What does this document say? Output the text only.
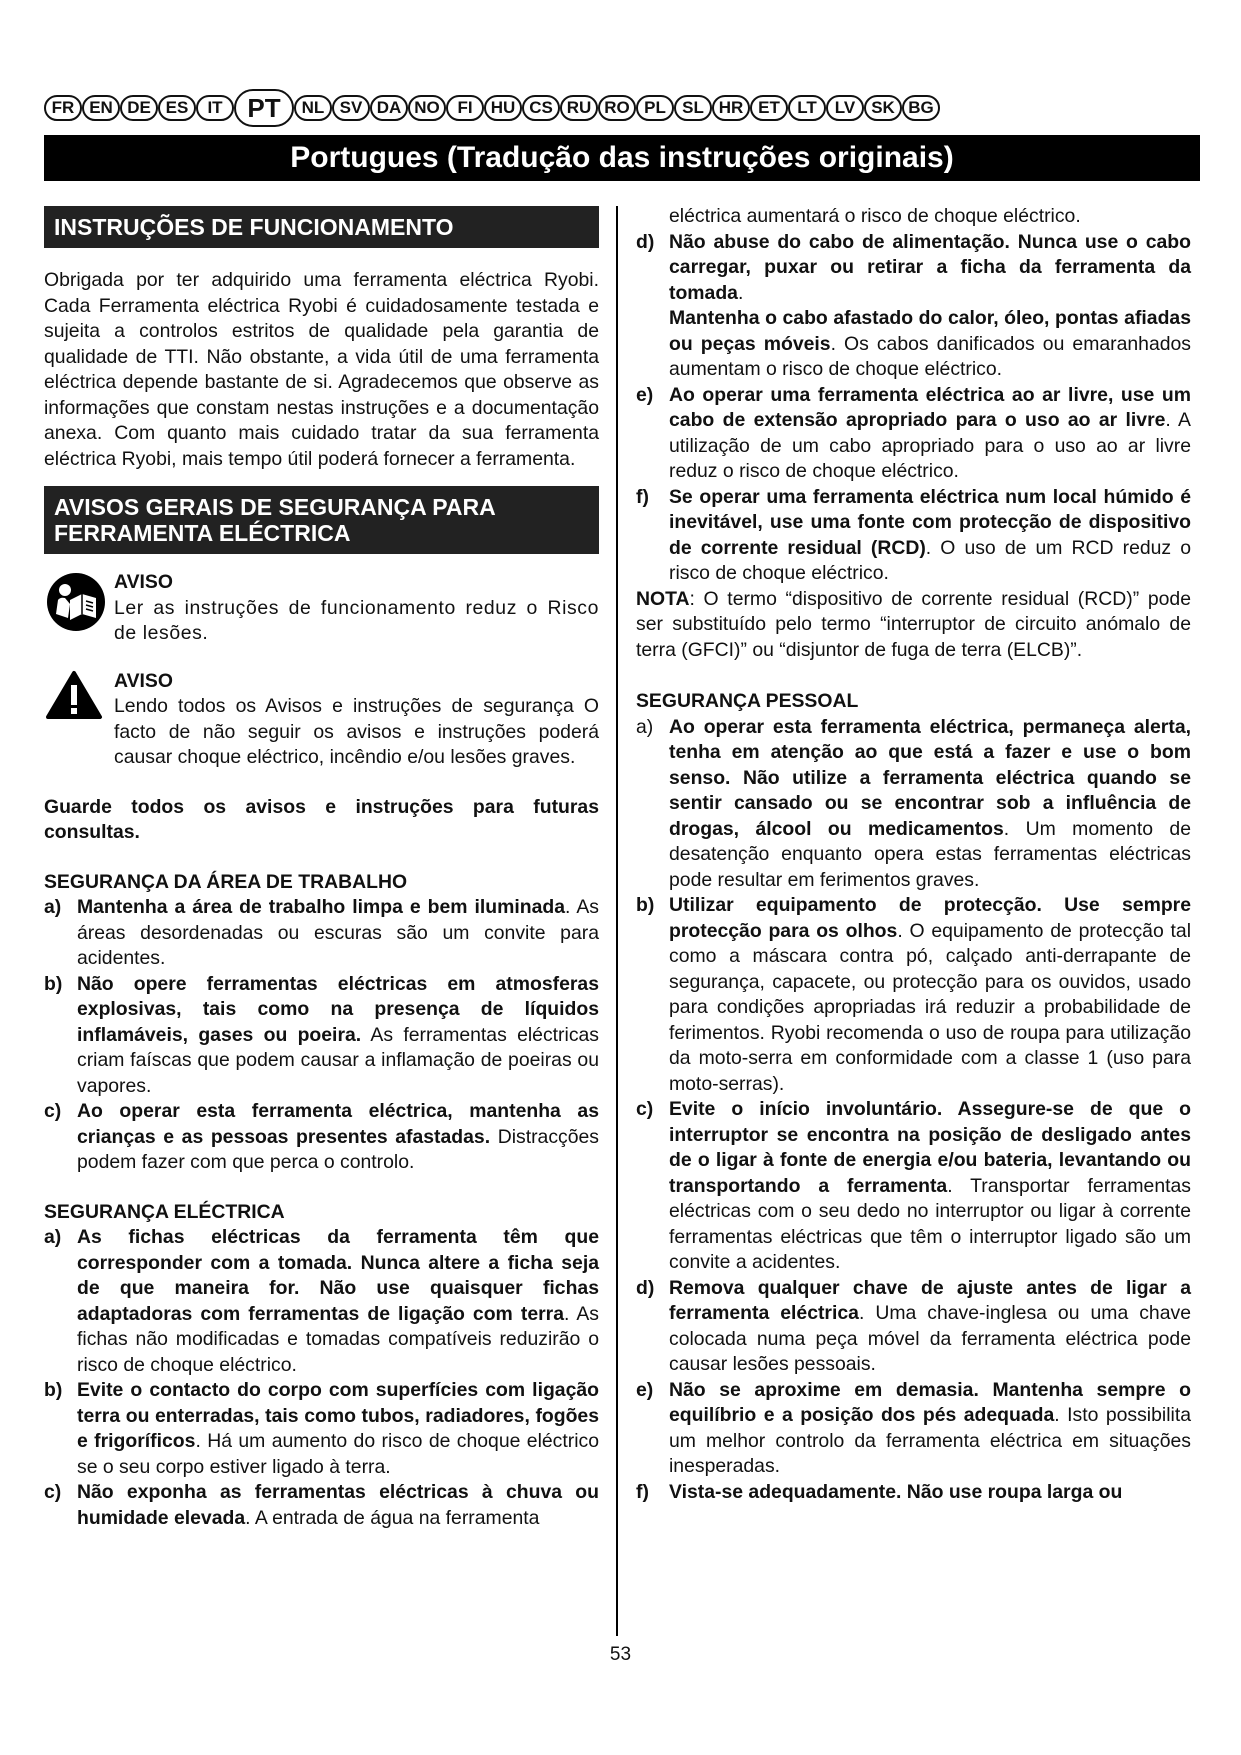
FR EN DE ES	IT PT	NL SV DA NO	FI	HU CS RU RO PL SL HR ET	LT	LV SK BG
Portugues (Tradução das instruções originais)
INSTRUÇÕES DE FUNCIONAMENTO

Obrigada por ter adquirido uma ferramenta eléctrica Ryobi. Cada Ferramenta eléctrica Ryobi é cuidadosamente testada e sujeita a controlos estritos de qualidade pela garantia de qualidade de TTI. Não obstante, a vida útil de uma ferramenta eléctrica depende bastante de si. Agradecemos que observe as informações que constam nestas instruções e a documentação anexa. Com quanto mais cuidado tratar da sua ferramenta eléctrica Ryobi, mais tempo útil poderá fornecer a ferramenta.

AVISOS GERAIS DE SEGURANÇA PARA FERRAMENTA ELÉCTRICA
AVISO

Ler as instruções de funcionamento reduz o Risco de lesões.

AVISO

Lendo todos os Avisos e instruções de segurança O facto de não seguir os avisos e instruções poderá causar choque eléctrico, incêndio e/ou lesões graves.

Guarde todos os avisos e instruções para futuras consultas.

SEGURANÇA DA ÁREA DE TRABALHO
a) Mantenha a área de trabalho limpa e bem iluminada. As áreas desordenadas ou escuras são um convite para acidentes.
b) Não opere ferramentas eléctricas em atmosferas explosivas, tais como na presença de líquidos inflamáveis, gases ou poeira. As ferramentas eléctricas criam faíscas que podem causar a inflamação de poeiras ou vapores.
c) Ao operar esta ferramenta eléctrica, mantenha as crianças e as pessoas presentes afastadas. Distracções podem fazer com que perca o controlo.
SEGURANÇA ELÉCTRICA
a) As fichas eléctricas da ferramenta têm que corresponder com a tomada. Nunca altere a ficha seja de que maneira for. Não use quaisquer fichas adaptadoras com ferramentas de ligação com terra. As fichas não modificadas e tomadas compatíveis reduzirão o risco de choque eléctrico.
b) Evite o contacto do corpo com superfícies com ligação terra ou enterradas, tais como tubos, radiadores, fogões e frigoríficos. Há um aumento do risco de choque eléctrico se o seu corpo estiver ligado à terra.
c) Não exponha as ferramentas eléctricas à chuva ou humidade elevada. A entrada de água na ferramenta

eléctrica aumentará o risco de choque eléctrico.

d) Não abuse do cabo de alimentação. Nunca use o cabo carregar, puxar ou retirar a ficha da ferramenta da tomada.
Mantenha o cabo afastado do calor, óleo, pontas afiadas ou peças móveis. Os cabos danificados ou emaranhados aumentam o risco de choque eléctrico.
e) Ao operar uma ferramenta eléctrica ao ar livre, use um cabo de extensão apropriado para o uso ao ar livre. A utilização de um cabo apropriado para o uso ao ar livre reduz o risco de choque eléctrico.
f)	Se operar uma ferramenta eléctrica num local húmido é inevitável, use uma fonte com protecção de dispositivo de corrente residual (RCD). O uso de um RCD reduz o risco de choque eléctrico.

NOTA: O termo “dispositivo de corrente residual (RCD)” pode ser substituído pelo termo “interruptor de circuito anómalo de terra (GFCI)” ou “disjuntor de fuga de terra (ELCB)”.

SEGURANÇA PESSOAL
a) Ao operar esta ferramenta eléctrica, permaneça alerta, tenha em atenção ao que está a fazer e use o bom senso. Não utilize a ferramenta eléctrica quando se sentir cansado ou se encontrar sob a influência de drogas, álcool ou medicamentos. Um momento de desatenção enquanto opera estas ferramentas eléctricas pode resultar em ferimentos graves.
b) Utilizar equipamento de protecção. Use sempre protecção para os olhos. O equipamento de protecção tal como a máscara contra pó, calçado anti-derrapante de segurança, capacete, ou protecção para os ouvidos, usado para condições apropriadas irá reduzir a probabilidade de ferimentos. Ryobi recomenda o uso de roupa para utilização da moto-serra em conformidade com a classe 1 (uso para moto-serras).
c) Evite o início involuntário. Assegure-se de que o interruptor se encontra na posição de desligado antes de o ligar à fonte de energia e/ou bateria, levantando ou transportando a ferramenta. Transportar ferramentas eléctricas com o seu dedo no interruptor ou ligar à corrente ferramentas eléctricas que têm o interruptor ligado são um convite a acidentes.
d) Remova qualquer chave de ajuste antes de ligar a ferramenta eléctrica. Uma chave-inglesa ou uma chave colocada numa peça móvel da ferramenta eléctrica pode causar lesões pessoais.
e) Não se aproxime em demasia. Mantenha sempre o equilíbrio e a posição dos pés adequada. Isto possibilita um melhor controlo da ferramenta eléctrica em situações inesperadas.
f)	Vista-se adequadamente. Não use roupa larga ou
53
